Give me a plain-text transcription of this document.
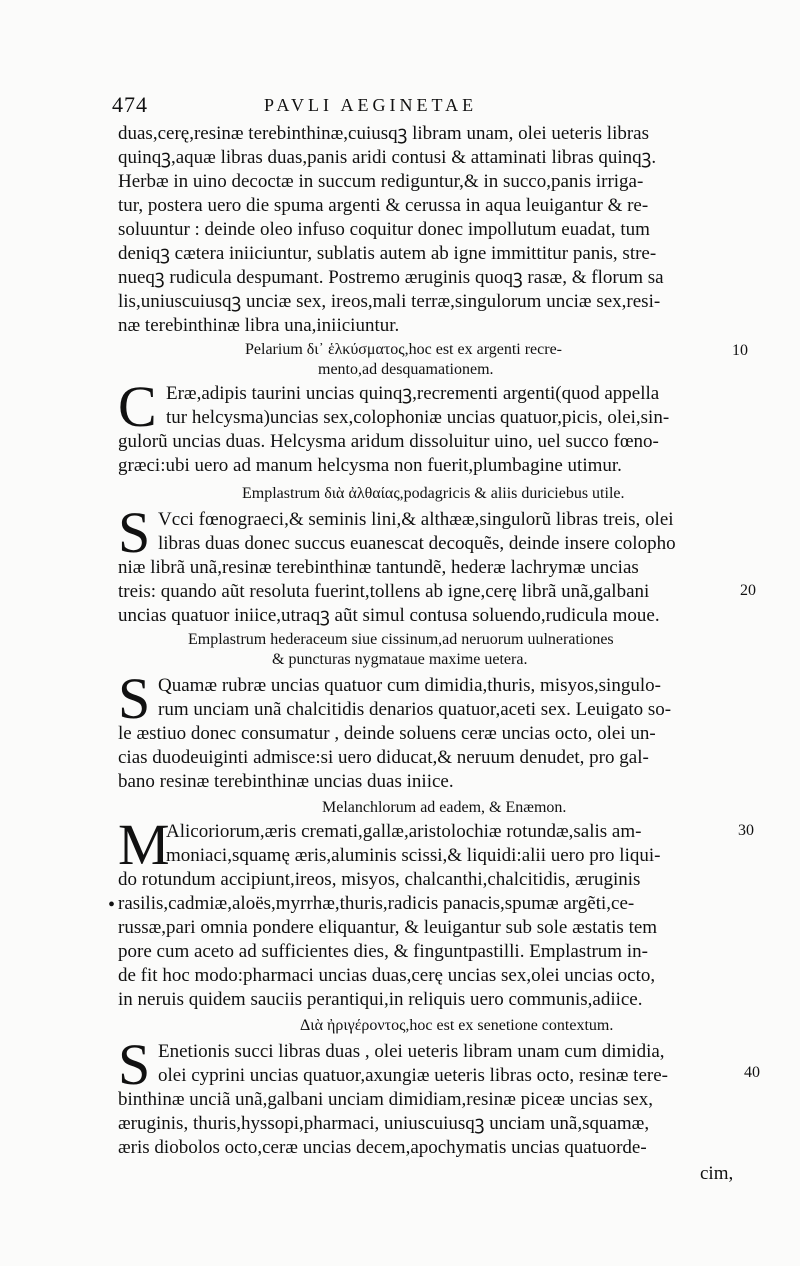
474	PAVLI AEGINETAE
duas,cerę,resinæ terebinthinæ,cuiusqꝫ libram unam, olei ueteris libras
quinqꝫ,aquæ libras duas,panis aridi contusi & attaminati libras quinqꝫ.
Herbæ in uino decoctæ in succum rediguntur,& in succo,panis irriga-
tur, postera uero die spuma argenti & cerussa in aqua leuigantur & re-
soluuntur : deinde oleo infuso coquitur donec impollutum euadat, tum
deniqꝫ cætera iniiciuntur, sublatis autem ab igne immittitur panis, stre-
nueqꝫ rudicula despumant. Postremo æruginis quoqꝫ rasæ, & florum sa
lis,uniuscuiusqꝫ unciæ sex, ireos,mali terræ,singulorum unciæ sex,resi-
næ terebinthinæ libra una,iniiciuntur.
Pelarium δι᾽ ἑλκύσματος,hoc est ex argenti recre-
mento,ad desquamationem.
C Eræ,adipis taurini uncias quinqꝫ,recrementi argenti(quod appella
tur helcysma)uncias sex,colophoniæ uncias quatuor,picis, olei,sin-
gulorũ uncias duas. Helcysma aridum dissoluitur uino, uel succo fœno-
græci:ubi uero ad manum helcysma non fuerit,plumbagine utimur.
Emplastrum διὰ ἀλθαίας,podagricis & aliis duriciebus utile.
S Vcci fœnograeci,& seminis lini,& althææ,singulorũ libras treis, olei
libras duas donec succus euanescat decoquẽs, deinde insere colopho
niæ librã unã,resinæ terebinthinæ tantundẽ, hederæ lachrymæ uncias
treis: quando aũt resoluta fuerint,tollens ab igne,cerę librã unã,galbani
uncias quatuor iniice,utraqꝫ aũt simul contusa soluendo,rudicula moue.
Emplastrum hederaceum siue cissinum,ad neruorum uulnerationes
& puncturas nygmataue maxime uetera.
S Quamæ rubræ uncias quatuor cum dimidia,thuris, misyos,singulo-
rum unciam unã chalcitidis denarios quatuor,aceti sex. Leuigato so-
le æstiuo donec consumatur , deinde soluens ceræ uncias octo, olei un-
cias duodeuiginti admisce:si uero diducat,& neruum denudet, pro gal-
bano resinæ terebinthinæ uncias duas iniice.
Melanchlorum ad eadem, & Enæmon.
M
Alicoriorum,æris cremati,gallæ,aristolochiæ rotundæ,salis am-
moniaci,squamę æris,aluminis scissi,& liquidi:alii uero pro liqui-
do rotundum accipiunt,ireos, misyos, chalcanthi,chalcitidis, æruginis
rasilis,cadmiæ,aloës,myrrhæ,thuris,radicis panacis,spumæ argẽti,ce-
russæ,pari omnia pondere eliquantur, & leuigantur sub sole æstatis tem
pore cum aceto ad sufficientes dies, & finguntpastilli. Emplastrum in-
de fit hoc modo:pharmaci uncias duas,cerę uncias sex,olei uncias octo,
in neruis quidem sauciis perantiqui,in reliquis uero communis,adiice.
Διὰ ἠριγέροντος,hoc est ex senetione contextum.
S Enetionis succi libras duas , olei ueteris libram unam cum dimidia,
olei cyprini uncias quatuor,axungiæ ueteris libras octo, resinæ tere-
binthinæ unciã unã,galbani unciam dimidiam,resinæ piceæ uncias sex,
æruginis, thuris,hyssopi,pharmaci, uniuscuiusqꝫ unciam unã,squamæ,
æris diobolos octo,ceræ uncias decem,apochymatis uncias quatuorde-
cim,
10
20
30
40
•
